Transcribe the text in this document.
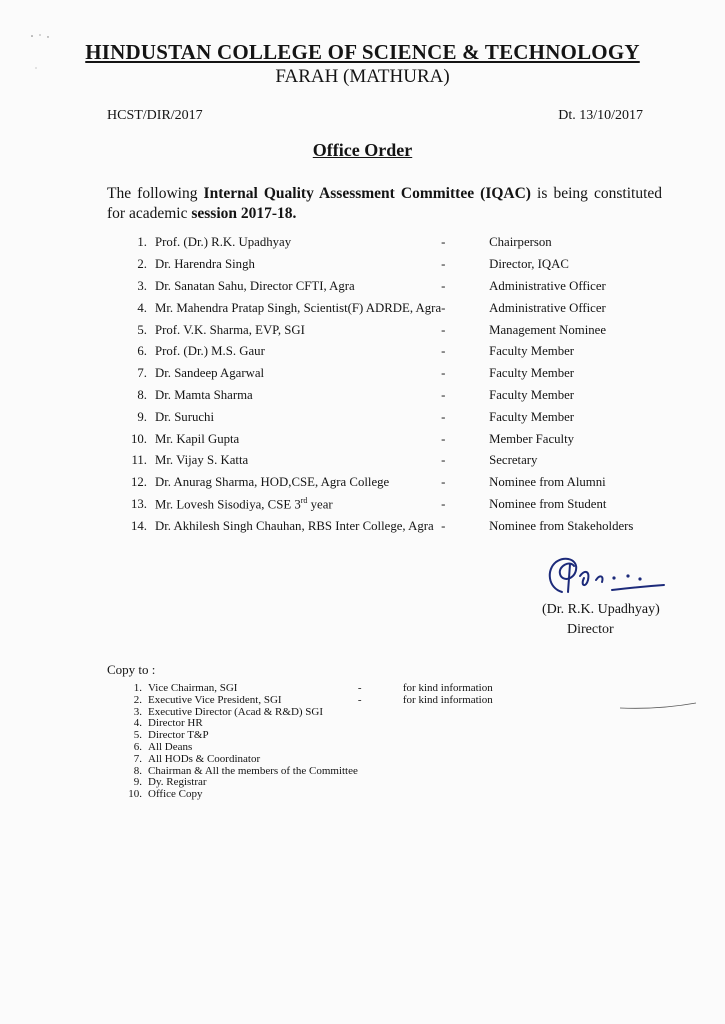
HINDUSTAN COLLEGE OF SCIENCE & TECHNOLOGY
FARAH (MATHURA)
HCST/DIR/2017	Dt. 13/10/2017
Office Order
The following Internal Quality Assessment Committee (IQAC) is being constituted for academic session 2017-18.
1.	Prof. (Dr.) R.K. Upadhyay	-	Chairperson
2.	Dr. Harendra Singh	-	Director, IQAC
3.	Dr. Sanatan Sahu, Director CFTI, Agra	-	Administrative Officer
4.	Mr. Mahendra Pratap Singh, Scientist(F) ADRDE, Agra	-	Administrative Officer
5.	Prof. V.K. Sharma, EVP, SGI	-	Management Nominee
6.	Prof. (Dr.) M.S. Gaur	-	Faculty Member
7.	Dr. Sandeep Agarwal	-	Faculty Member
8.	Dr. Mamta Sharma	-	Faculty Member
9.	Dr. Suruchi	-	Faculty Member
10.	Mr. Kapil Gupta	-	Member Faculty
11.	Mr. Vijay S. Katta	-	Secretary
12.	Dr. Anurag Sharma, HOD,CSE, Agra College	-	Nominee from Alumni
13.	Mr. Lovesh Sisodiya, CSE 3rd year	-	Nominee from Student
14.	Dr. Akhilesh Singh Chauhan, RBS Inter College, Agra	-	Nominee from Stakeholders
(Dr. R.K. Upadhyay)
Director
Copy to :
1.	Vice Chairman, SGI	-	for kind information
2.	Executive Vice President, SGI	-	for kind information
3.	Executive Director (Acad & R&D) SGI		
4.	Director HR		
5.	Director T&P		
6.	All Deans		
7.	All HODs & Coordinator		
8.	Chairman & All the members of the Committee		
9.	Dy. Registrar		
10.	Office Copy		
